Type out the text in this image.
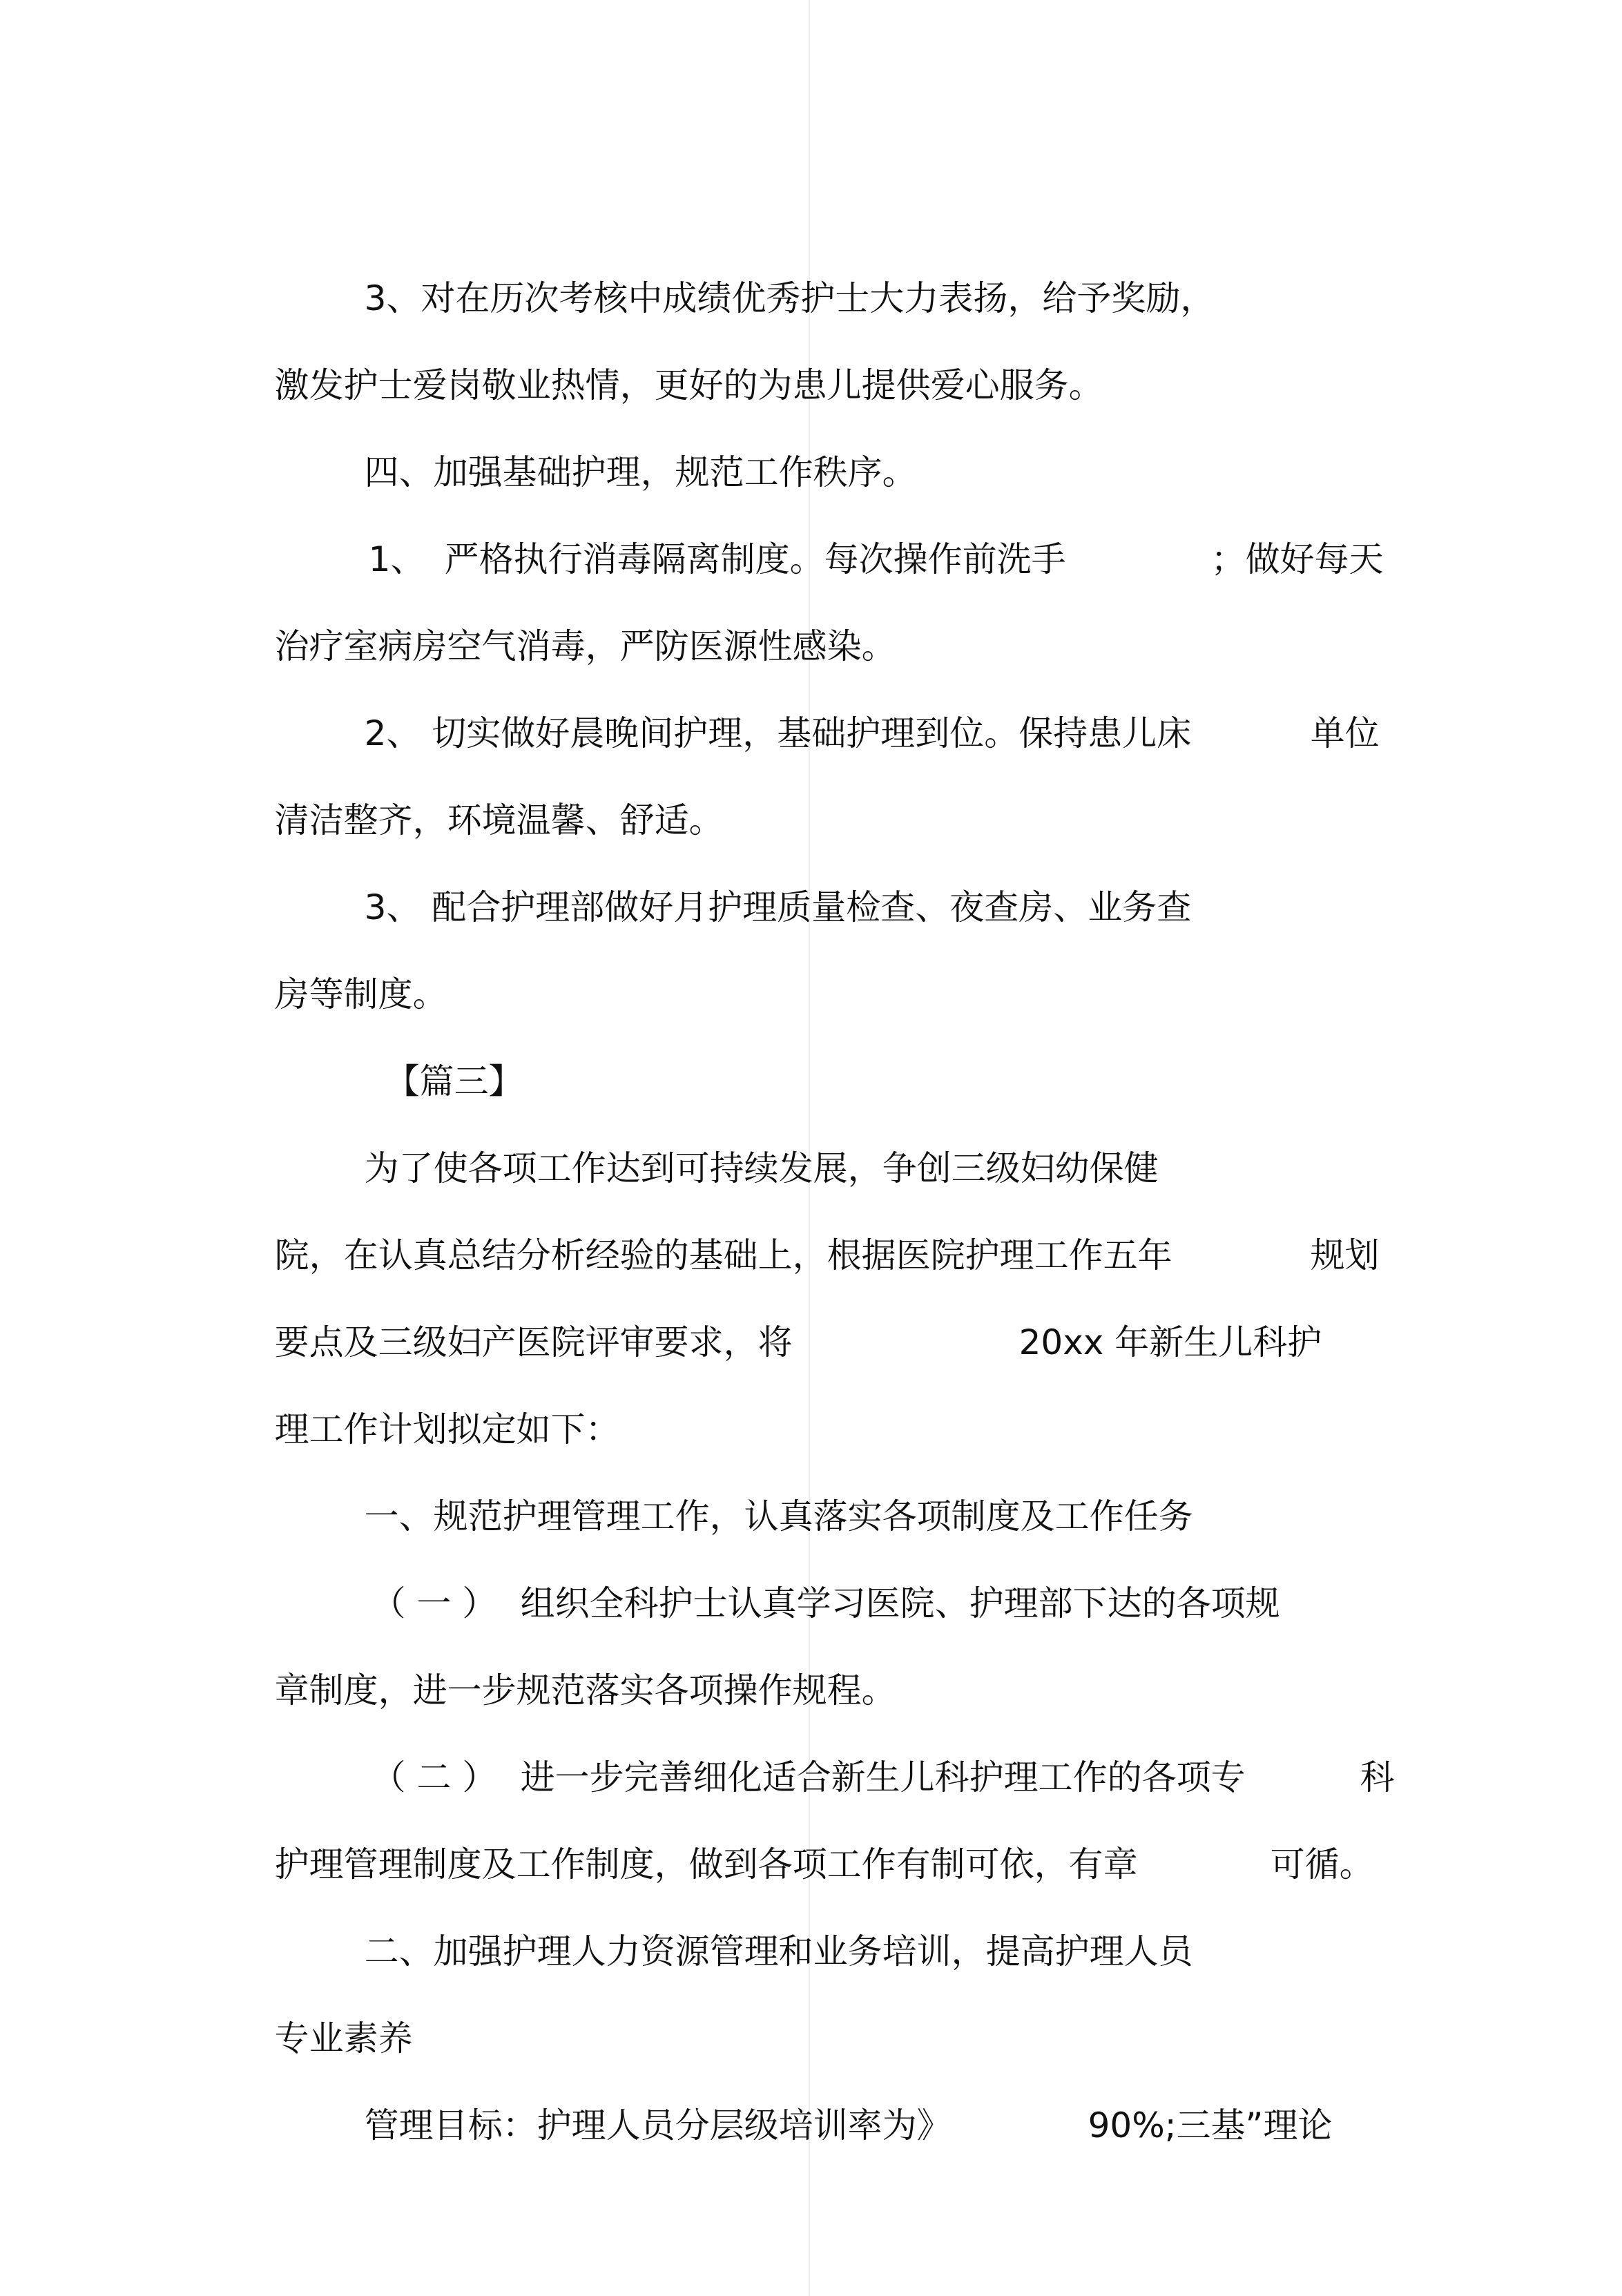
3、对在历次考核中成绩优秀护士大力表扬，给予奖励，

激发护士爱岗敬业热情，更好的为患儿提供爱心服务。

四、加强基础护理，规范工作秩序。

1、
严格执行消毒隔离制度。每次操作前洗手
	；做好每天

治疗室病房空气消毒，严防医源性感染。

2、 切实做好晨晚间护理，基础护理到位。保持患儿床
	单位

清洁整齐，环境温馨、舒适。

3、 配合护理部做好月护理质量检查、夜查房、业务查

房等制度。

【篇三】

为了使各项工作达到可持续发展，争创三级妇幼保健

院，在认真总结分析经验的基础上，根据医院护理工作五年
	规划

要点及三级妇产医院评审要求，将
	20xx 年新生儿科护

理工作计划拟定如下：

一、规范护理管理工作，认真落实各项制度及工作任务

（ 一 ）
组织全科护士认真学习医院、护理部下达的各项规

章制度，进一步规范落实各项操作规程。

（ 二 ）
进一步完善细化适合新生儿科护理工作的各项专
	科

护理管理制度及工作制度，做到各项工作有制可依，有章
	可循。

二、加强护理人力资源管理和业务培训，提高护理人员

专业素养

管理目标：护理人员分层级培训率为》
	90%;三基”理论
